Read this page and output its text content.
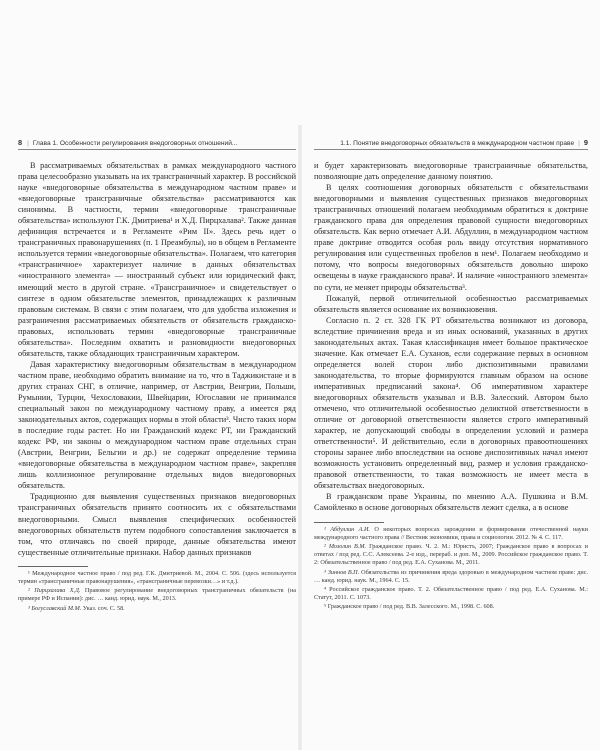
8 | Глава 1. Особенности регулирования внедоговорных отношений...

В рассматриваемых обязательствах в рамках международного частного права целесообразно указывать на их трансграничный характер. В российской науке «внедоговорные обязательства в международном частном праве» и «внедоговорные трансграничные обязательства» рассматриваются как синонимы. В частности, термин «внедоговорные трансграничные обязательства» используют Г.К. Дмитриева¹ и Х.Д. Пирцхалава². Также данная дефиниция встречается и в Регламенте «Рим II». Здесь речь идет о трансграничных правонарушениях (п. 1 Преамбулы), но в общем в Регламенте используется термин «внедоговорные обязательства». Полагаем, что категория «трансграничное» характеризует наличие в данных обязательствах «иностранного элемента» — иностранный субъект или юридический факт, имеющий место в другой стране. «Трансграничное» и свидетельствует о синтезе в одном обязательстве элементов, принадлежащих к различным правовым системам. В связи с этим полагаем, что для удобства изложения и разграничения рассматриваемых обязательств от обязательств гражданско-правовых, использовать термин «внедоговорные трансграничные обязательства». Последним охватить и разновидности внедоговорных обязательств, также обладающих трансграничным характером.

Давая характеристику внедоговорным обязательствам в международном частном праве, необходимо обратить внимание на то, что в Таджикистане и в других странах СНГ, в отличие, например, от Австрии, Венгрии, Польши, Румынии, Турции, Чехословакии, Швейцарии, Югославии не принимался специальный закон по международному частному праву, а имеется ряд законодательных актов, содержащих нормы в этой области³. Чисто таких норм в последние годы растет. Но ни Гражданский кодекс РТ, ни Гражданский кодекс РФ, ни законы о международном частном праве отдельных стран (Австрии, Венгрии, Бельгии и др.) не содержат определение термина «внедоговорные обязательства в международном частном праве», закрепляя лишь коллизионное регулирование отдельных видов внедоговорных обязательств.

Традиционно для выявления существенных признаков внедоговорных трансграничных обязательств принято соотносить их с обязательствами внедоговорными. Смысл выявления специфических особенностей внедоговорных обязательств путем подобного сопоставления заключается в том, что отличаясь по своей природе, данные обязательства имеют существенные отличительные признаки. Набор данных признаков

¹ Международное частное право / под ред. Г.К. Дмитриевой. М., 2004. С. 506. (здесь используется термин «трансграничные правонарушения», «трансграничные перевозки…» и т.д.).

² Пирцхалава Х.Д. Правовое регулирование внедоговорных трансграничных обязательств (на примере РФ и Испании): дис. … канд. юрид. наук. М., 2013.

³ Богуславский М.М. Указ. соч. С. 58.

1.1. Понятие внедоговорных обязательств в международном частном праве | 9

и будет характеризовать внедоговорные трансграничные обязательства, позволяющие дать определение данному понятию.

В целях соотношения договорных обязательств с обязательствами внедоговорными и выявления существенных признаков внедоговорных трансграничных отношений полагаем необходимым обратиться к доктрине гражданского права для определения правовой сущности внедоговорных обязательств. Как верно отмечает А.И. Абдуллин, в международном частном праве доктрине отводится особая роль ввиду отсутствия нормативного регулирования или существенных пробелов в нем¹. Полагаем необходимо и потому, что вопросы внедоговорных обязательств довольно широко освещены в науке гражданского права². И наличие «иностранного элемента» по сути, не меняет природы обязательства³.

Пожалуй, первой отличительной особенностью рассматриваемых обязательств является основание их возникновения.

Согласно п. 2 ст. 328 ГК РТ обязательства возникают из договора, вследствие причинения вреда и из иных оснований, указанных в других законодательных актах. Такая классификация имеет большое практическое значение. Как отмечает Е.А. Суханов, если содержание первых в основном определяется волей сторон либо диспозитивными правилами законодательства, то вторые формируются главным образом на основе императивных предписаний закона⁴. Об императивном характере внедоговорных обязательств указывал и В.В. Залесский. Автором было отмечено, что отличительной особенностью деликтной ответственности в отличие от договорной ответственности является строго императивный характер, не допускающий свободы в определении условий и размера ответственности⁵. И действительно, если в договорных правоотношениях стороны заранее либо впоследствии на основе диспозитивных начал имеют возможность установить определенный вид, размер и условия гражданско-правовой ответственности, то такая возможность не имеет места в обязательствах внедоговорных.

В гражданском праве Украины, по мнению А.А. Пушкина и В.М. Самойленко в основе договорных обязательств лежит сделка, а в основе

¹ Абдуллин А.И. О некоторых вопросах зарождения и формирования отечественной науки международного частного права // Вестник экономики, права и социологии. 2012. № 4. С. 117.

² Мозолин В.М. Гражданское право. Ч. 2. М.: Юристъ, 2007; Гражданское право в вопросах и ответах / под ред. С.С. Алексеева. 2-е изд., перераб. и доп. М., 2009. Российское гражданское право. Т. 2: Обязательственное право / под ред. Е.А. Суханова. М., 2011.

³ Зиннов В.П. Обязательства из причинения вреда здоровью в международном частном праве: дис. … канд. юрид. наук. М., 1964. С. 15.

⁴ Российское гражданское право. Т. 2. Обязательственное право / под ред. Е.А. Суханова. М.: Статут, 2011. С. 1073.

⁵ Гражданское право / под ред. В.В. Залесского. М., 1998. С. 608.
